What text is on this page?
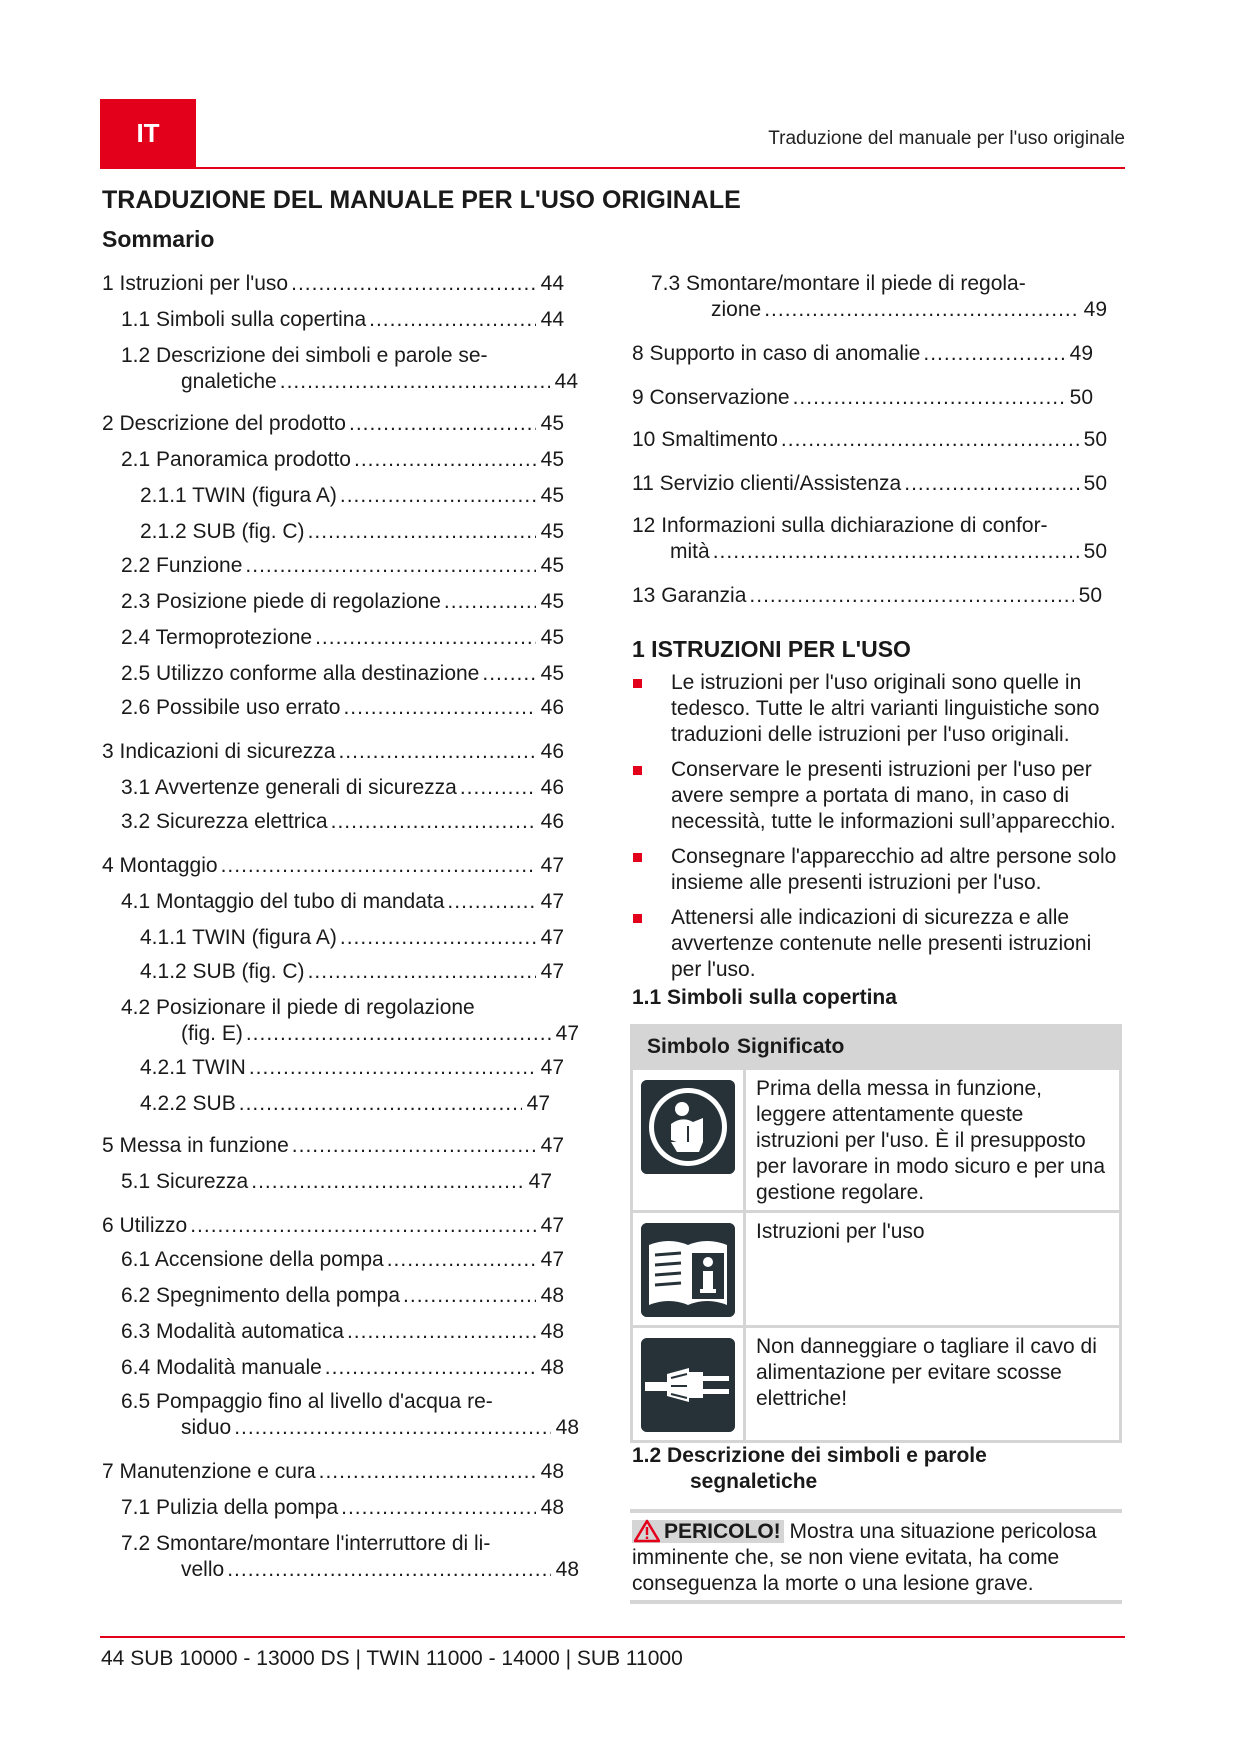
IT	Traduzione del manuale per l'uso originale
TRADUZIONE DEL MANUALE PER L'USO ORIGINALE
Sommario
1 Istruzioni per l'uso .....	44
1.1 Simboli sulla copertina .....	44
1.2 Descrizione dei simboli e parole se-
gnaletiche .....	44
2 Descrizione del prodotto .....	45
2.1 Panoramica prodotto .....	45
2.1.1 TWIN (figura A) .....	45
2.1.2 SUB (fig. C) .....	45
2.2 Funzione .....	45
2.3 Posizione piede di regolazione .....	45
2.4 Termoprotezione .....	45
2.5 Utilizzo conforme alla destinazione .....	45
2.6 Possibile uso errato .....	46
3 Indicazioni di sicurezza .....	46
3.1 Avvertenze generali di sicurezza .....	46
3.2 Sicurezza elettrica .....	46
4 Montaggio .....	47
4.1 Montaggio del tubo di mandata .....	47
4.1.1 TWIN (figura A) .....	47
4.1.2 SUB (fig. C) .....	47
4.2 Posizionare il piede di regolazione
(fig. E) .....	47
4.2.1 TWIN .....	47
4.2.2 SUB .....	47
5 Messa in funzione .....	47
5.1 Sicurezza .....	47
6 Utilizzo .....	47
6.1 Accensione della pompa .....	47
6.2 Spegnimento della pompa .....	48
6.3 Modalità automatica .....	48
6.4 Modalità manuale .....	48
6.5 Pompaggio fino al livello d'acqua re-
siduo .....	48
7 Manutenzione e cura .....	48
7.1 Pulizia della pompa .....	48
7.2 Smontare/montare l'interruttore di li-
vello .....	48
7.3 Smontare/montare il piede di regola-
zione .....	49
8 Supporto in caso di anomalie .....	49
9 Conservazione .....	50
10 Smaltimento .....	50
11 Servizio clienti/Assistenza .....	50
12 Informazioni sulla dichiarazione di confor-
mità .....	50
13 Garanzia .....	50
1 ISTRUZIONI PER L'USO
Le istruzioni per l'uso originali sono quelle in tedesco. Tutte le altri varianti linguistiche sono traduzioni delle istruzioni per l'uso originali.
Conservare le presenti istruzioni per l'uso per avere sempre a portata di mano, in caso di necessità, tutte le informazioni sull’apparecchio.
Consegnare l'apparecchio ad altre persone solo insieme alle presenti istruzioni per l'uso.
Attenersi alle indicazioni di sicurezza e alle avvertenze contenute nelle presenti istruzioni per l'uso.
1.1 Simboli sulla copertina
Simbolo Significato
Prima della messa in funzione, leggere attentamente queste istruzioni per l'uso. È il presupposto per lavorare in modo sicuro e per una gestione regolare.
Istruzioni per l'uso
Non danneggiare o tagliare il cavo di alimentazione per evitare scosse elettriche!
1.2 Descrizione dei simboli e parole
segnaletiche
PERICOLO! Mostra una situazione pericolosa imminente che, se non viene evitata, ha come conseguenza la morte o una lesione grave.
44 SUB 10000 - 13000 DS | TWIN 11000 - 14000 | SUB 11000
